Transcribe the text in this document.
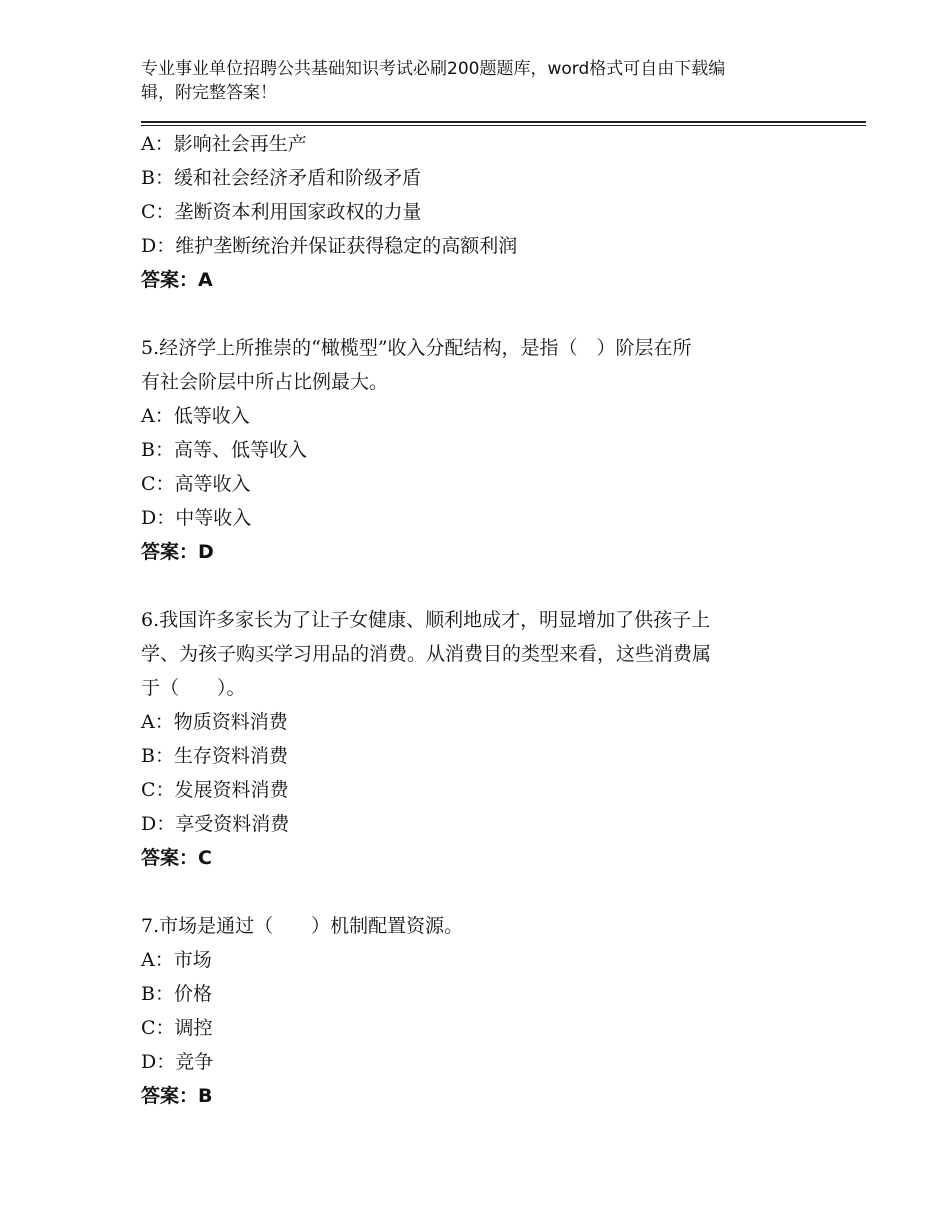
专业事业单位招聘公共基础知识考试必刷200题题库，word格式可自由下载编
辑，附完整答案！
A：影响社会再生产
B：缓和社会经济矛盾和阶级矛盾
C：垄断资本利用国家政权的力量
D：维护垄断统治并保证获得稳定的高额利润
答案：A
5.经济学上所推崇的“橄榄型”收入分配结构，是指（　）阶层在所
有社会阶层中所占比例最大。
A：低等收入
B：高等、低等收入
C：高等收入
D：中等收入
答案：D
6.我国许多家长为了让子女健康、顺利地成才，明显增加了供孩子上
学、为孩子购买学习用品的消费。从消费目的类型来看，这些消费属
于（　　）。
A：物质资料消费
B：生存资料消费
C：发展资料消费
D：享受资料消费
答案：C
7.市场是通过（　　）机制配置资源。
A：市场
B：价格
C：调控
D：竞争
答案：B
